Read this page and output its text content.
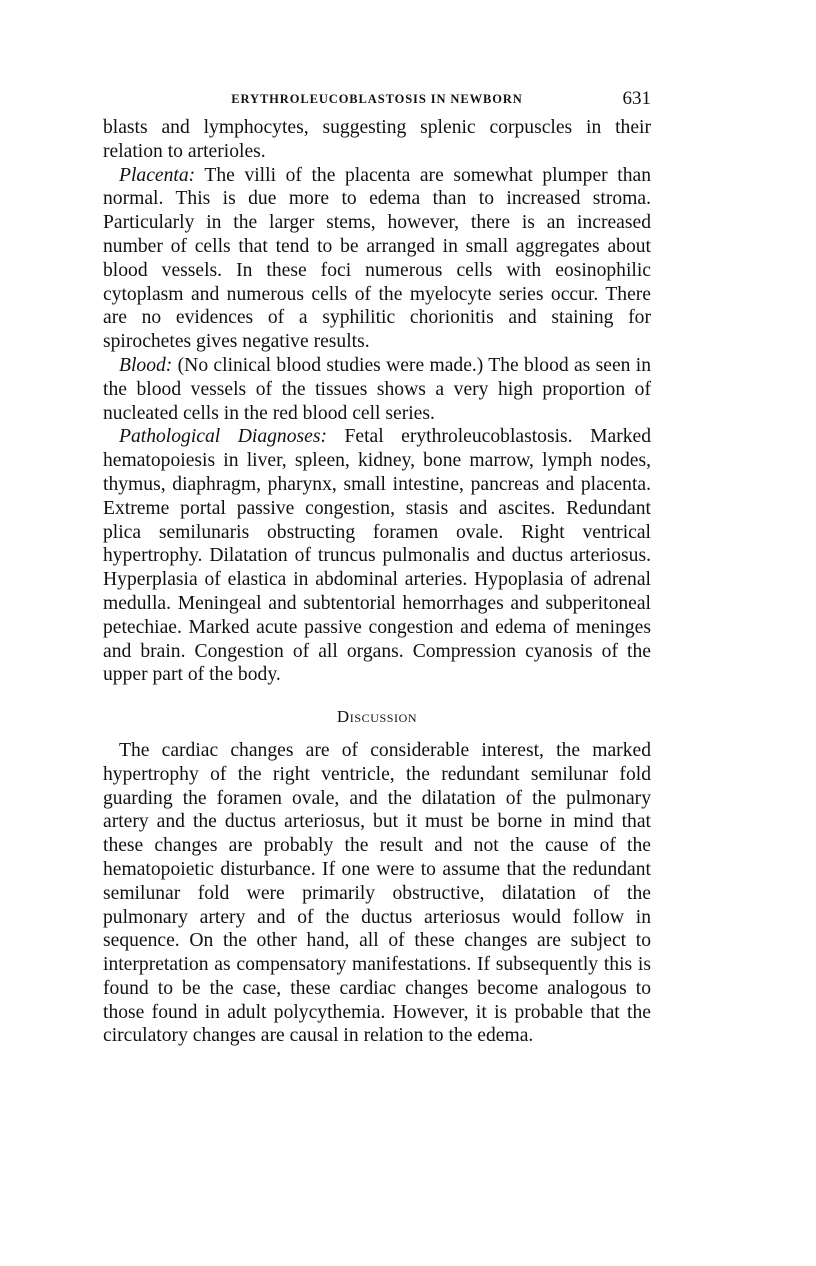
ERYTHROLEUCOBLASTOSIS IN NEWBORN	631

blasts and lymphocytes, suggesting splenic corpuscles in their relation to arterioles.

Placenta: The villi of the placenta are somewhat plumper than normal. This is due more to edema than to increased stroma. Particularly in the larger stems, however, there is an increased number of cells that tend to be arranged in small aggregates about blood vessels. In these foci numerous cells with eosinophilic cytoplasm and numerous cells of the myelocyte series occur. There are no evidences of a syphilitic chorionitis and staining for spirochetes gives negative results.

Blood: (No clinical blood studies were made.) The blood as seen in the blood vessels of the tissues shows a very high proportion of nucleated cells in the red blood cell series.

Pathological Diagnoses: Fetal erythroleucoblastosis. Marked hematopoiesis in liver, spleen, kidney, bone marrow, lymph nodes, thymus, diaphragm, pharynx, small intestine, pancreas and placenta. Extreme portal passive congestion, stasis and ascites. Redundant plica semilunaris obstructing foramen ovale. Right ventrical hypertrophy. Dilatation of truncus pulmonalis and ductus arteriosus. Hyperplasia of elastica in abdominal arteries. Hypoplasia of adrenal medulla. Meningeal and subtentorial hemorrhages and subperitoneal petechiae. Marked acute passive congestion and edema of meninges and brain. Congestion of all organs. Compression cyanosis of the upper part of the body.

Discussion

The cardiac changes are of considerable interest, the marked hypertrophy of the right ventricle, the redundant semilunar fold guarding the foramen ovale, and the dilatation of the pulmonary artery and the ductus arteriosus, but it must be borne in mind that these changes are probably the result and not the cause of the hematopoietic disturbance. If one were to assume that the redundant semilunar fold were primarily obstructive, dilatation of the pulmonary artery and of the ductus arteriosus would follow in sequence. On the other hand, all of these changes are subject to interpretation as compensatory manifestations. If subsequently this is found to be the case, these cardiac changes become analogous to those found in adult polycythemia. However, it is probable that the circulatory changes are causal in relation to the edema.
